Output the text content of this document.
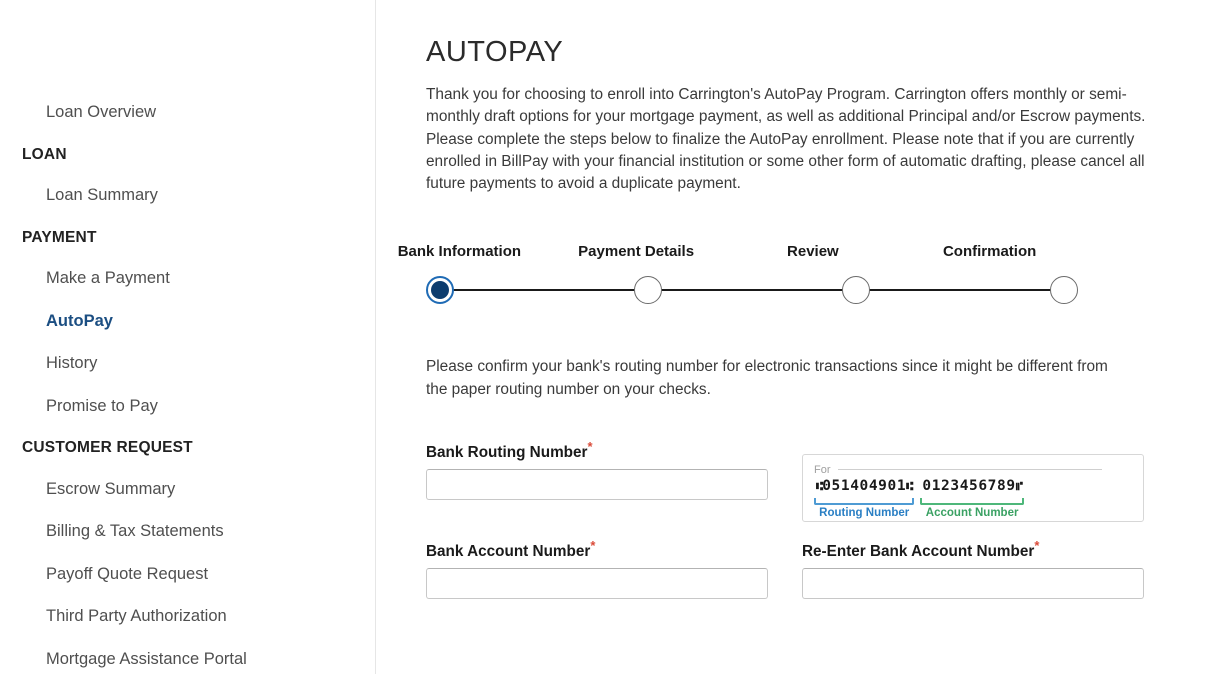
Loan Overview
LOAN
Loan Summary
PAYMENT
Make a Payment
AutoPay
History
Promise to Pay
CUSTOMER REQUEST
Escrow Summary
Billing & Tax Statements
Payoff Quote Request
Third Party Authorization
Mortgage Assistance Portal
AUTOPAY

Thank you for choosing to enroll into Carrington's AutoPay Program. Carrington offers monthly or semi-monthly draft options for your mortgage payment, as well as additional Principal and/or Escrow payments. Please complete the steps below to finalize the AutoPay enrollment. Please note that if you are currently enrolled in BillPay with your financial institution or some other form of automatic drafting, please cancel all future payments to avoid a duplicate payment.

Bank Information	Payment Details	Review	Confirmation

Please confirm your bank's routing number for electronic transactions since it might be different from the paper routing number on your checks.

Bank Routing Number*
For
⑆051404901⑆
Routing Number
0123456789⑈
Account Number
Bank Account Number*	Re-Enter Bank Account Number*
